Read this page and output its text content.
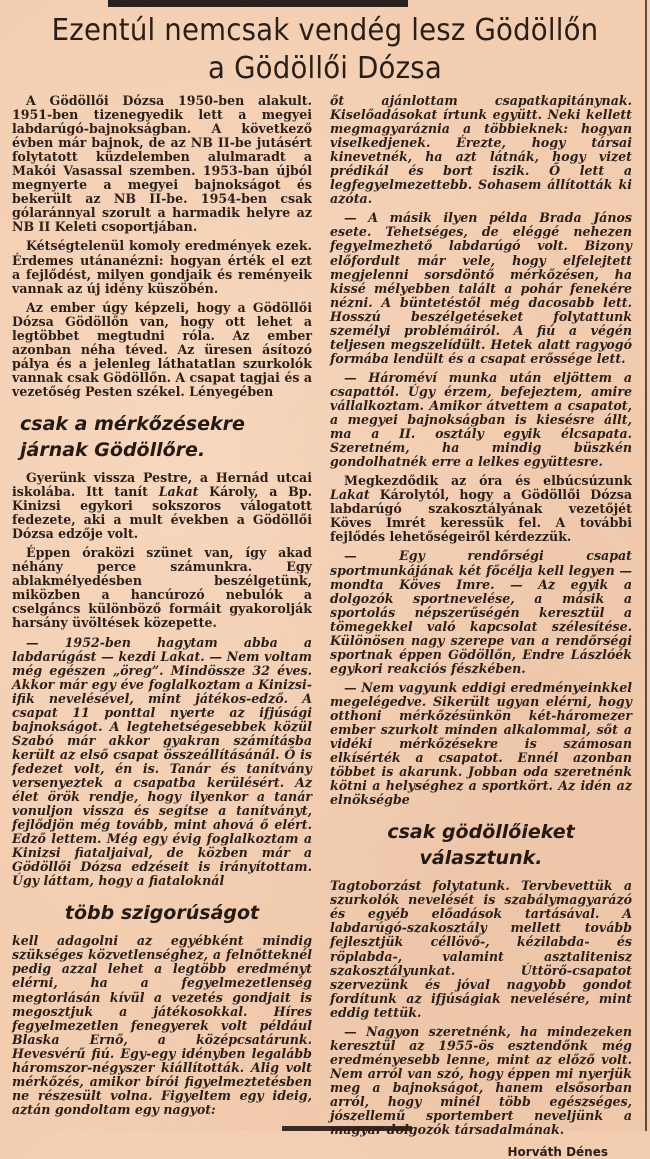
Ezentúl nemcsak vendég lesz Gödöllőn
a Gödöllői Dózsa

A Gödöllői Dózsa 1950-ben alakult. 1951-ben tizenegyedik lett a megyei labdarúgó-bajnokságban. A következő évben már bajnok, de az NB II-be jutásért folytatott küzdelemben alulmaradt a Makói Vasassal szemben. 1953-ban újból megnyerte a megyei bajnokságot és bekerült az NB II-be. 1954-ben csak gólaránnyal szorult a harmadik helyre az NB II Keleti csoportjában.

Kétségtelenül komoly eredmények ezek. Érdemes utánanézni: hogyan érték el ezt a fejlődést, milyen gondjaik és reményeik vannak az új idény küszöbén.

Az ember úgy képzeli, hogy a Gödöllői Dózsa Gödöllőn van, hogy ott lehet a legtöbbet megtudni róla. Az ember azonban néha téved. Az üresen ásítozó pálya és a jelenleg láthatatlan szurkolók vannak csak Gödöllőn. A csapat tagjai és a vezetőség Pesten székel. Lényegében

csak a mérkőzésekre járnak Gödöllőre.

Gyerünk vissza Pestre, a Hernád utcai iskolába. Itt tanít Lakat Károly, a Bp. Kinizsi egykori sokszoros válogatott fedezete, aki a mult években a Gödöllői Dózsa edzője volt.

Éppen óraközi szünet van, így akad néhány perce számunkra. Egy ablakmélyedésben beszélgetünk, miközben a hancúrozó nebulók a cselgáncs különböző formáit gyakorolják harsány üvöltések közepette.

— 1952-ben hagytam abba a labdarúgást — kezdi Lakat. — Nem voltam még egészen „öreg”. Mindössze 32 éves. Akkor már egy éve foglalkoztam a Kinizsi-ifik nevelésével, mint játékos-edző. A csapat 11 ponttal nyerte az ifjúsági bajnokságot. A legtehetségesebbek közül Szabó már akkor gyakran számításba került az első csapat összeállításánál. Ő is fedezet volt, én is. Tanár és tanítvány versenyeztek a csapatba kerülésért. Az élet örök rendje, hogy ilyenkor a tanár vonuljon vissza és segítse a tanítványt, fejlődjön még tovább, mint ahová ő elért. Edző lettem. Még egy évig foglalkoztam a Kinizsi fiataljaival, de közben már a Gödöllői Dózsa edzéseit is irányítottam. Úgy láttam, hogy a fiataloknál

több szigorúságot

kell adagolni az egyébként mindig szükséges közvetlenséghez, a felnőtteknél pedig azzal lehet a legtöbb eredményt elérni, ha a fegyelmezetlenség megtorlásán kívül a vezetés gondjait is megosztjuk a játékosokkal. Híres fegyelmezetlen fenegyerek volt például Blaska Ernő, a középcsatárunk. Hevesvérű fiú. Egy-egy idényben legalább háromszor-négyszer kiállították. Alig volt mérkőzés, amikor bírói figyelmeztetésben ne részesült volna. Figyeltem egy ideig, aztán gondoltam egy nagyot:

őt ajánlottam csapatkapitánynak. Kiselőadásokat írtunk együtt. Neki kellett megmagyaráznia a többieknek: hogyan viselkedjenek. Érezte, hogy társai kinevetnék, ha azt látnák, hogy vizet prédikál és bort iszik. Ő lett a legfegyelmezettebb. Sohasem állították ki azóta.

— A másik ilyen példa Brada János esete. Tehetséges, de eléggé nehezen fegyelmezhető labdarúgó volt. Bizony előfordult már vele, hogy elfelejtett megjelenni sorsdöntő mérkőzésen, ha kissé mélyebben talált a pohár fenekére nézni. A büntetéstől még dacosabb lett. Hosszú beszélgetéseket folytattunk személyi problémáiról. A fiú a végén teljesen megszelídült. Hetek alatt ragyogó formába lendült és a csapat erőssége lett.

— Hároméví munka után eljöttem a csapattól. Úgy érzem, befejeztem, amire vállalkoztam. Amikor átvettem a csapatot, a megyei bajnokságban is kiesésre állt, ma a II. osztály egyik élcsapata. Szeretném, ha mindig büszkén gondolhatnék erre a lelkes együttesre.

Megkezdődik az óra és elbúcsúzunk Lakat Károlytól, hogy a Gödöllői Dózsa labdarúgó szakosztályának vezetőjét Köves Imrét keressük fel. A további fejlődés lehetőségeiről kérdezzük.

— Egy rendőrségi csapat sportmunkájának két főcélja kell legyen — mondta Köves Imre. — Az egyik a dolgozók sportnevelése, a másik a sportolás népszerűségén keresztül a tömegekkel való kapcsolat szélesítése. Különösen nagy szerepe van a rendőrségi sportnak éppen Gödöllőn, Endre Lászlóék egykori reakciós fészkében.

— Nem vagyunk eddigi eredményeinkkel megelégedve. Sikerült ugyan elérni, hogy otthoni mérkőzésünkön két-háromezer ember szurkolt minden alkalommal, sőt a vidéki mérkőzésekre is számosan elkísérték a csapatot. Ennél azonban többet is akarunk. Jobban oda szeretnénk kötni a helységhez a sportkört. Az idén az elnökségbe

csak gödöllőieket választunk.

Tagtoborzást folytatunk. Tervbevettük a szurkolók nevelését is szabálymagyarázó és egyéb előadások tartásával. A labdarúgó-szakosztály mellett tovább fejlesztjük céllövő-, kézilabda- és röplabda-, valamint asztalitenisz szakosztályunkat. Úttörő-csapatot szervezünk és jóval nagyobb gondot fordítunk az ifjúságiak nevelésére, mint eddig tettük.

— Nagyon szeretnénk, ha mindezeken keresztül az 1955-ös esztendőnk még eredményesebb lenne, mint az előző volt. Nem arról van szó, hogy éppen mi nyerjük meg a bajnokságot, hanem elsősorban arról, hogy minél több egészséges, jószellemű sportembert neveljünk a magyar dolgozók társadalmának.

Horváth Dénes
